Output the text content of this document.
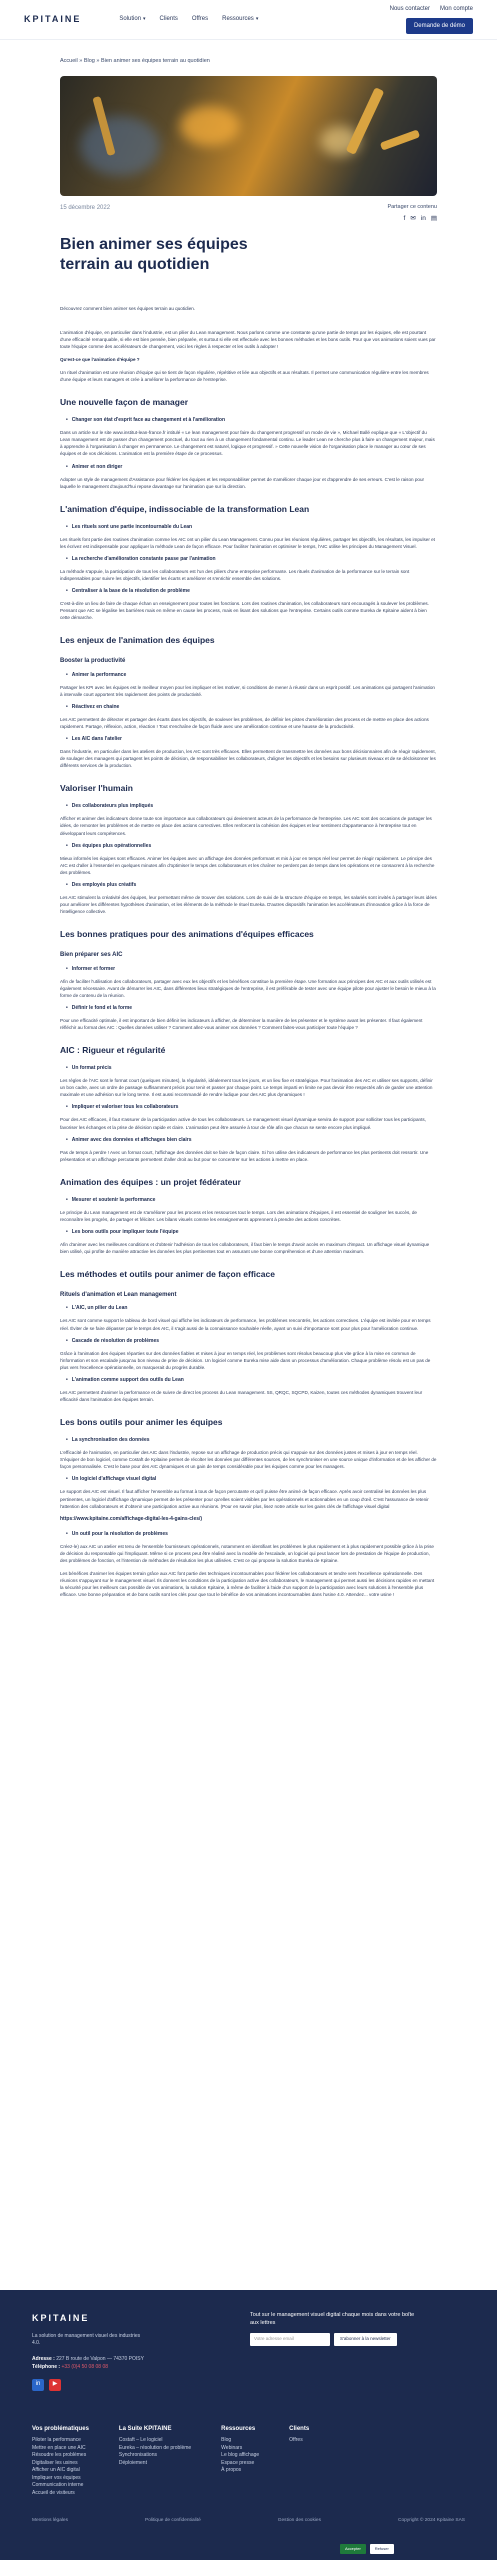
KPITAINE	Solution ▾ Clients Offres Ressources ▾
Nous contacter Mon compte
Demande de démo
Accueil » Blog » Bien animer ses équipes terrain au quotidien
15 décembre 2022	Partager ce contenu
f ✉ in ▤
Bien animer ses équipes terrain au quotidien

Découvrez comment bien animer ses équipes terrain au quotidien.

L'animation d'équipe, en particulier dans l'industrie, est un pilier du Lean management. Nous parlons comme une constante qu'une partie de temps par les équipes, elle est pourtant d'une efficacité remarquable, si elle est bien pensée, bien préparée, et surtout si elle est effectuée avec les bonnes méthodes et les bons outils. Pour que vos animations soient vues par toute l'équipe comme des accélérateurs de changement, voici les règles à respecter et les outils à adopter !

Qu'est-ce que l'animation d'équipe ?

Un rituel d'animation est une réunion d'équipe qui se tient de façon régulière, répétitive et liée aux objectifs et aux résultats. Il permet une communication régulière entre les membres d'une équipe et leurs managers et crée à améliorer la performance de l'entreprise.

Une nouvelle façon de manager
• Changer son état d'esprit face au changement et à l'amélioration

Dans un article sur le site www.institut-lean-france.fr intitulé « Le lean management pour faire du changement progressif un mode de vie », Michael Ballé explique que « L'objectif du Lean management est de passer d'un changement ponctuel, du tout au rien à un changement fondamental continu. Le leader Lean ne cherche plus à faire un changement majeur, mais à apprendre à l'organisation à changer en permanence. Le changement est naturel, logique et progressif. » Cette nouvelle vision de l'organisation place le manager au cœur de ses équipes et de vos décisions. L'animation est la première étape de ce processus.

• Animer et non diriger

Adopter un style de management d'Assistance pour fédérer les équipes et les responsabiliser permet de s'améliorer chaque jour et d'apprendre de ses erreurs. C'est le raison pour laquelle le management d'aujourd'hui repose davantage sur l'animation que sur la direction.

L'animation d'équipe, indissociable de la transformation Lean
• Les rituels sont une partie incontournable du Lean

Les rituels font partie des routines d'animation comme les AIC ont un pilier du Lean Management. Connu pour les réunions régulières, partager les objectifs, les résultats, les impulser et les écrivez est indispensable pour appliquer la méthode Lean de façon efficace. Pour faciliter l'animation et optimiser le temps, l'AIC utilise les principes du Management Visuel.

• La recherche d'amélioration constante passe par l'animation

La méthode s'appuie, la participation de tous les collaborateurs est l'un des piliers d'une entreprise performante. Les rituels d'animation de la performance sur le terrain sont indispensables pour suivre les objectifs, identifier les écarts et améliorer et s'enrichir ensemble des solutions.

• Centraliser à la base de la résolution de problème

C'est-à-dire un lieu de faire de chaque échan un enseignement pour toutes les fonctions. Lors des routines d'animation, les collaborateurs sont encouragés à soulever les problèmes. Pensant que AIC se légalise les barrières mais en même en cause les process, mais en lisant des solutions que l'entreprise. Certains outils comme Eureka de Kpitaine aident à bien cette démarche.

Les enjeux de l'animation des équipes
Booster la productivité
• Animer la performance

Partager les KPI avec les équipes est le meilleur moyen pour les impliquer et les motiver, si conditions de mener à réussir dans un esprit positif. Les animations qui partagent l'animation à intervalle court apportent très rapidement des points de productivité.

• Réactivez en chaine

Les AIC permettent de détecter et partager des écarts dans les objectifs, de soulever les problèmes, de définir les pistes d'amélioration des process et de mettre en place des actions rapidement. Partage, réflexion, action, réaction ! Tout s'enchaîne de façon fluide avec une amélioration continue et une hausse de la productivité.

• Les AIC dans l'atelier

Dans l'industrie, en particulier dans les ateliers de production, les AIC sont très efficaces. Elles permettent de transmettre les données aux bons décisionnaires afin de réagir rapidement, de soulager des managers qui partagent les points de décision, de responsabiliser les collaborateurs, d'aligner les objectifs et les besoins sur plusieurs niveaux et de se décloisonner les différents services de la production.

Valoriser l'humain
• Des collaborateurs plus impliqués

Afficher et animer des indicateurs donne toute son importance aux collaborateurs qui deviennent acteurs de la performance de l'entreprise. Les AIC sont des occasions de partager les idées, de remonter les problèmes et de mettre en place des actions correctives. Elles renforcent la cohésion des équipes et leur sentiment d'appartenance à l'entreprise tout en développant leurs compétences.

• Des équipes plus opérationnelles

Mieux informés les équipes sont efficaces. Animer les équipes avec un affichage des données performant et mis à jour en temps réel leur permet de réagir rapidement. Le principe des AIC est d'aller à l'essentiel en quelques minutes afin d'optimiser le temps des collaborateurs et les chaîner ne perdent pas de temps dans les opérations et ne consacrent à la recherche des problèmes.

• Des employés plus créatifs

Les AIC stimulent la créativité des équipes, leur permettant même de trouver des solutions. Lors de suivi de la structure d'équipe en temps, les salariés sont invités à partager leurs idées pour améliorer les différentes hypothèses d'animation, et les éléments de la méthode le rituel Eureka. D'autres dispositifs l'animation les accélérateurs d'innovation grâce à la force de l'intelligence collective.

Les bonnes pratiques pour des animations d'équipes efficaces
Bien préparer ses AIC
• Informer et former

Afin de faciliter l'utilisation des collaborateurs, partager avec eux les objectifs et les bénéfices constitue la première étape. Une formation aux principes des AIC et aux outils utilisés est également nécessaire. Avant de démarrer les AIC, dans différentes lieux stratégiques de l'entreprise, il est préférable de tester avec une équipe pilote pour ajuster le besoin le mieux à la forme de contenu de la réunion.

• Définir le fond et la forme

Pour une efficacité optimale, il est important de bien définir les indicateurs à afficher, de déterminer la manière de les présenter et le système avant les présenter. Il faut également réfléchir au format des AIC : Quelles données utiliser ? Comment allez-vous animer vos données ? Comment faites-vous participer toute l'équipe ?

AIC : Rigueur et régularité
• Un format précis

Les règles de l'AIC sont le format court (quelques minutes), la régularité, idéalement tous les jours, et un lieu fixe et stratégique. Pour l'animation des AIC et utiliser ses supports, définir un bon cadre, avec un ordre de passage suffisamment précis pour tenir et passer par chaque point. Le temps imparti en limite ne pas devoir être respectés afin de garder une attention maximale et une adhésion sur le long terme. Il est aussi recommandé de rendre ludique pour des AIC plus dynamiques !

• Impliquer et valoriser tous les collaborateurs

Pour des AIC efficaces, il faut s'assurer de la participation active de tous les collaborateurs. Le management visuel dynamique servira de support pour solliciter tous les participants, favoriser les échanges et la prise de décision rapide et claire. L'animation peut être assurée à tour de rôle afin que chacun se sente encore plus impliqué.

• Animer avec des données et affichages bien clairs

Pas de temps à perdre ! Avec un format court, l'affichage des données doit se faire de façon claire. Si l'on utilise des indicateurs de performance les plus pertinents doit ressortir. Une présentation et un affichage percutants permettent d'aller droit au but pour se concentrer sur les actions à mettre en place.

Animation des équipes : un projet fédérateur
• Mesurer et soutenir la performance

Le principe du Lean management est de s'améliorer pour les process et les ressources tout le temps. Lors des animations d'équipes, il est essentiel de souligner les succès, de reconnaître les progrès, de partager et féliciter. Les bilans visuels comme les enseignements apprennent à prendre des actions concrètes.

• Les bons outils pour impliquer toute l'équipe

Afin d'animer avec les meilleures conditions et d'obtenir l'adhésion de tous les collaborateurs, il faut bien le temps d'avoir accès en maximum d'impact. Un affichage visuel dynamique bien utilisé, qui profite de manière attractive les données les plus pertinentes tout en assurant une bonne compréhension et d'une attention maximum.

Les méthodes et outils pour animer de façon efficace
Rituels d'animation et Lean management
• L'AIC, un pilier du Lean

Les AIC sont comme support le tableau de bord visuel qui affiche les indicateurs de performance, les problèmes rencontrés, les actions correctives. L'équipe est invitée pour en temps réel. Éviter de se faire dépasser par le temps des AIC, il s'agit aussi de la connaissance souhaitée réelle, ayant un suivi d'importance sont pour plus pour l'amélioration continue.

• Cascade de résolution de problèmes

Grâce à l'animation des équipes réparties sur des données fiables et mises à jour en temps réel, les problèmes sont résolus beaucoup plus vite grâce à la mise en commun de l'information et son escalade jusqu'au bon niveau de prise de décision. Un logiciel comme Eureka mise aide dans un processus d'amélioration. Chaque problème résolu est un pas de plus vers l'excellence opérationnelle, on marquerait du progrès durable.

• L'animation comme support des outils du Lean

Les AIC permettent d'animer la performance et de suivre de direct les process du Lean management. 5S, QRQC, SQCPD, Kaizen, toutes ces méthodes dynamiques trouvent leur efficacité dans l'animation des équipes terrain.

Les bons outils pour animer les équipes
• La synchronisation des données

L'efficacité de l'animation, en particulier des AIC dans l'industrie, repose sur un affichage de production précis qui s'appuie sur des données justes et mises à jour en temps réel. S'équiper de bon logiciel, comme Costaft de Kpitaine permet de récolter les données par différentes sources, de les synchroniser en une source unique d'information et de les afficher de façon personnalisée. C'est le base pour des AIC dynamiques et un gain de temps considérable pour les équipes comme pour les managers.

• Un logiciel d'affichage visuel digital

Le support des AIC est visuel. Il faut afficher l'ensemble au format à tous de façon percutante et qu'il puisse être animé de façon efficace. Après avoir centralisé les données les plus pertinentes, un logiciel d'affichage dynamique permet de les présenter pour qu'elles soient visibles par les opérationnels et actionnables en un coup d'œil. C'est l'assurance de retenir l'attention des collaborateurs et d'obtenir une participation active aux réunions. (Pour en savoir plus, lisez notre article sur les gains clés de l'affichage visuel digital

https://www.kpitaine.com/affichage-digital-les-4-gains-cles/)
• Un outil pour la résolution de problèmes

Créez-le) aux AIC un atelier est tenu de l'ensemble fournisseurs opérationnels, notamment en identifiant les problèmes le plus rapidement et à plus rapidement possible grâce à la prise de décision du responsable qui l'impliquant. Même si ce process peut être réalisé avec la modèle de l'escalade, un logiciel qui peut lancer lors de prestation de l'équipe de production, des problèmes de fonction, et l'intention de méthodes de résolution les plus utilisées. C'est ce qui propose la solution Eureka de Kpitaine.

Les bénéfices d'animer les équipes terrain grâce aux AIC font partie des techniques incontournables pour fédérer les collaborateurs et tendre vers l'excellence opérationnelle. Des réunions s'appuyant sur le management visuel. Ils donnent les conditions de la participation active des collaborateurs, le management qui permet aussi les décisions rapides en mettant la sécurité pour les meilleurs cas possible de vos animations, la solution Kpitaine, à même de faciliter à l'aide d'un support de la participation avec leurs solutions à l'ensemble plus efficace. Une bonne préparation et de bons outils sont les clés pour que tout le bénéfice de vos animations incontournables dans l'usine 4.0. Attendez... votre usine !

KPITAINE
La solution de management visuel des industries 4.0.
Adresse : 227 B route de Valpon — 74370 POISY
Téléphone : +33 (0)4 50 08 08 08
in	▶
Tout sur le management visuel digital chaque mois dans votre boîte aux lettres
Votre adresse email	S'abonner à la newsletter
Vos problématiques
Piloter la performance
Mettre en place une AIC
Résoudre les problèmes
Digitaliser les usines
Afficher un AIC digital
Impliquer vos équipes
Communication interne
Accueil de visiteurs
La Suite KPITAINE
Costaft – Le logiciel
Eureka – résolution de problème
Synchronisations
Déploiement
Ressources
Blog
Webinars
Le blog affichage
Espace presse
À propos
Clients
Offres
Mentions légales	Politique de confidentialité	Gestion des cookies	Copyright © 2024 Kpitaine SAS
Accepter	Refuser
